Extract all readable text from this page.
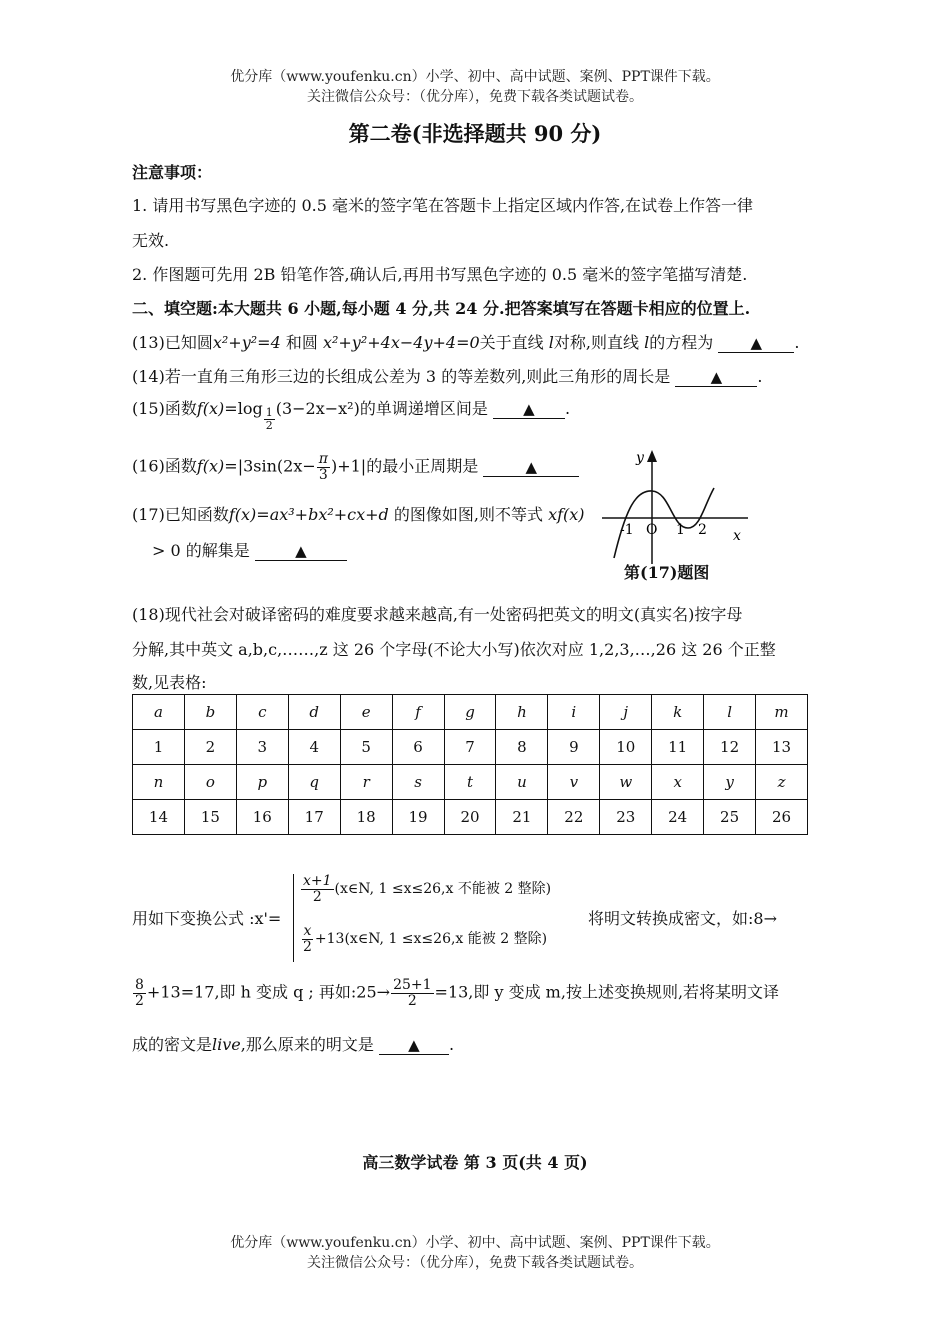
优分库（www.youfenku.cn）小学、初中、高中试题、案例、PPT课件下载。
关注微信公众号：（优分库），免费下载各类试题试卷。
第二卷(非选择题共 90 分)
注意事项：
1. 请用书写黑色字迹的 0.5 毫米的签字笔在答题卡上指定区域内作答,在试卷上作答一律
无效.
2. 作图题可先用 2B 铅笔作答,确认后,再用书写黑色字迹的 0.5 毫米的签字笔描写清楚.
二、填空题:本大题共 6 小题,每小题 4 分,共 24 分.把答案填写在答题卡相应的位置上.
(13)已知圆x²+y²=4 和圆 x²+y²+4x−4y+4=0关于直线 l对称,则直线 l的方程为 ▲ .
(14)若一直角三角形三边的长组成公差为 3 的等差数列,则此三角形的周长是	▲ .
(15)函数$f(x)=\log \frac{1}{2} (3-2x-x^2)$的单调递增区间是 ▲ .
(16)函数$f(x)=|3\sin(2x- \frac{\pi}{3} )+1|$的最小正周期是	▲
(17)已知函数f(x)=ax³+bx²+cx+d 的图像如图,则不等式 xf(x)
> 0 的解集是	▲
y
x
-1 O 1 2
第(17)题图
(18)现代社会对破译密码的难度要求越来越高,有一处密码把英文的明文(真实名)按字母
分解,其中英文 a,b,c,……,z 这 26 个字母(不论大小写)依次对应 1,2,3,…,26 这 26 个正整
数,见表格:
a	b	c	d	e	f	g	h	i	j	k	l	m
1	2	3	4	5	6	7	8	9	10	11	12	13
n	o	p	q	r	s	t	u	v	w	x	y	z
14	15	16	17	18	19	20	21	22	23	24	25	26
用如下变换公式 :x'=
$\frac{x+1}{2}$ (x∈N, 1 ≤x≤26,x 不能被 2 整除)
$\frac{x}{2}$ +13(x∈N, 1 ≤x≤26,x 能被 2 整除)
将明文转换成密文，如:8→
$\frac{8}{2} +13=17$,即 h 变成 q ; 再如:25→ $\frac{25+1}{2} =13$,即 y 变成 m,按上述变换规则,若将某明文译
成的密文是live,那么原来的明文是 ▲ .
高三数学试卷 第 3 页(共 4 页)
优分库（www.youfenku.cn）小学、初中、高中试题、案例、PPT课件下载。
关注微信公众号：（优分库），免费下载各类试题试卷。
